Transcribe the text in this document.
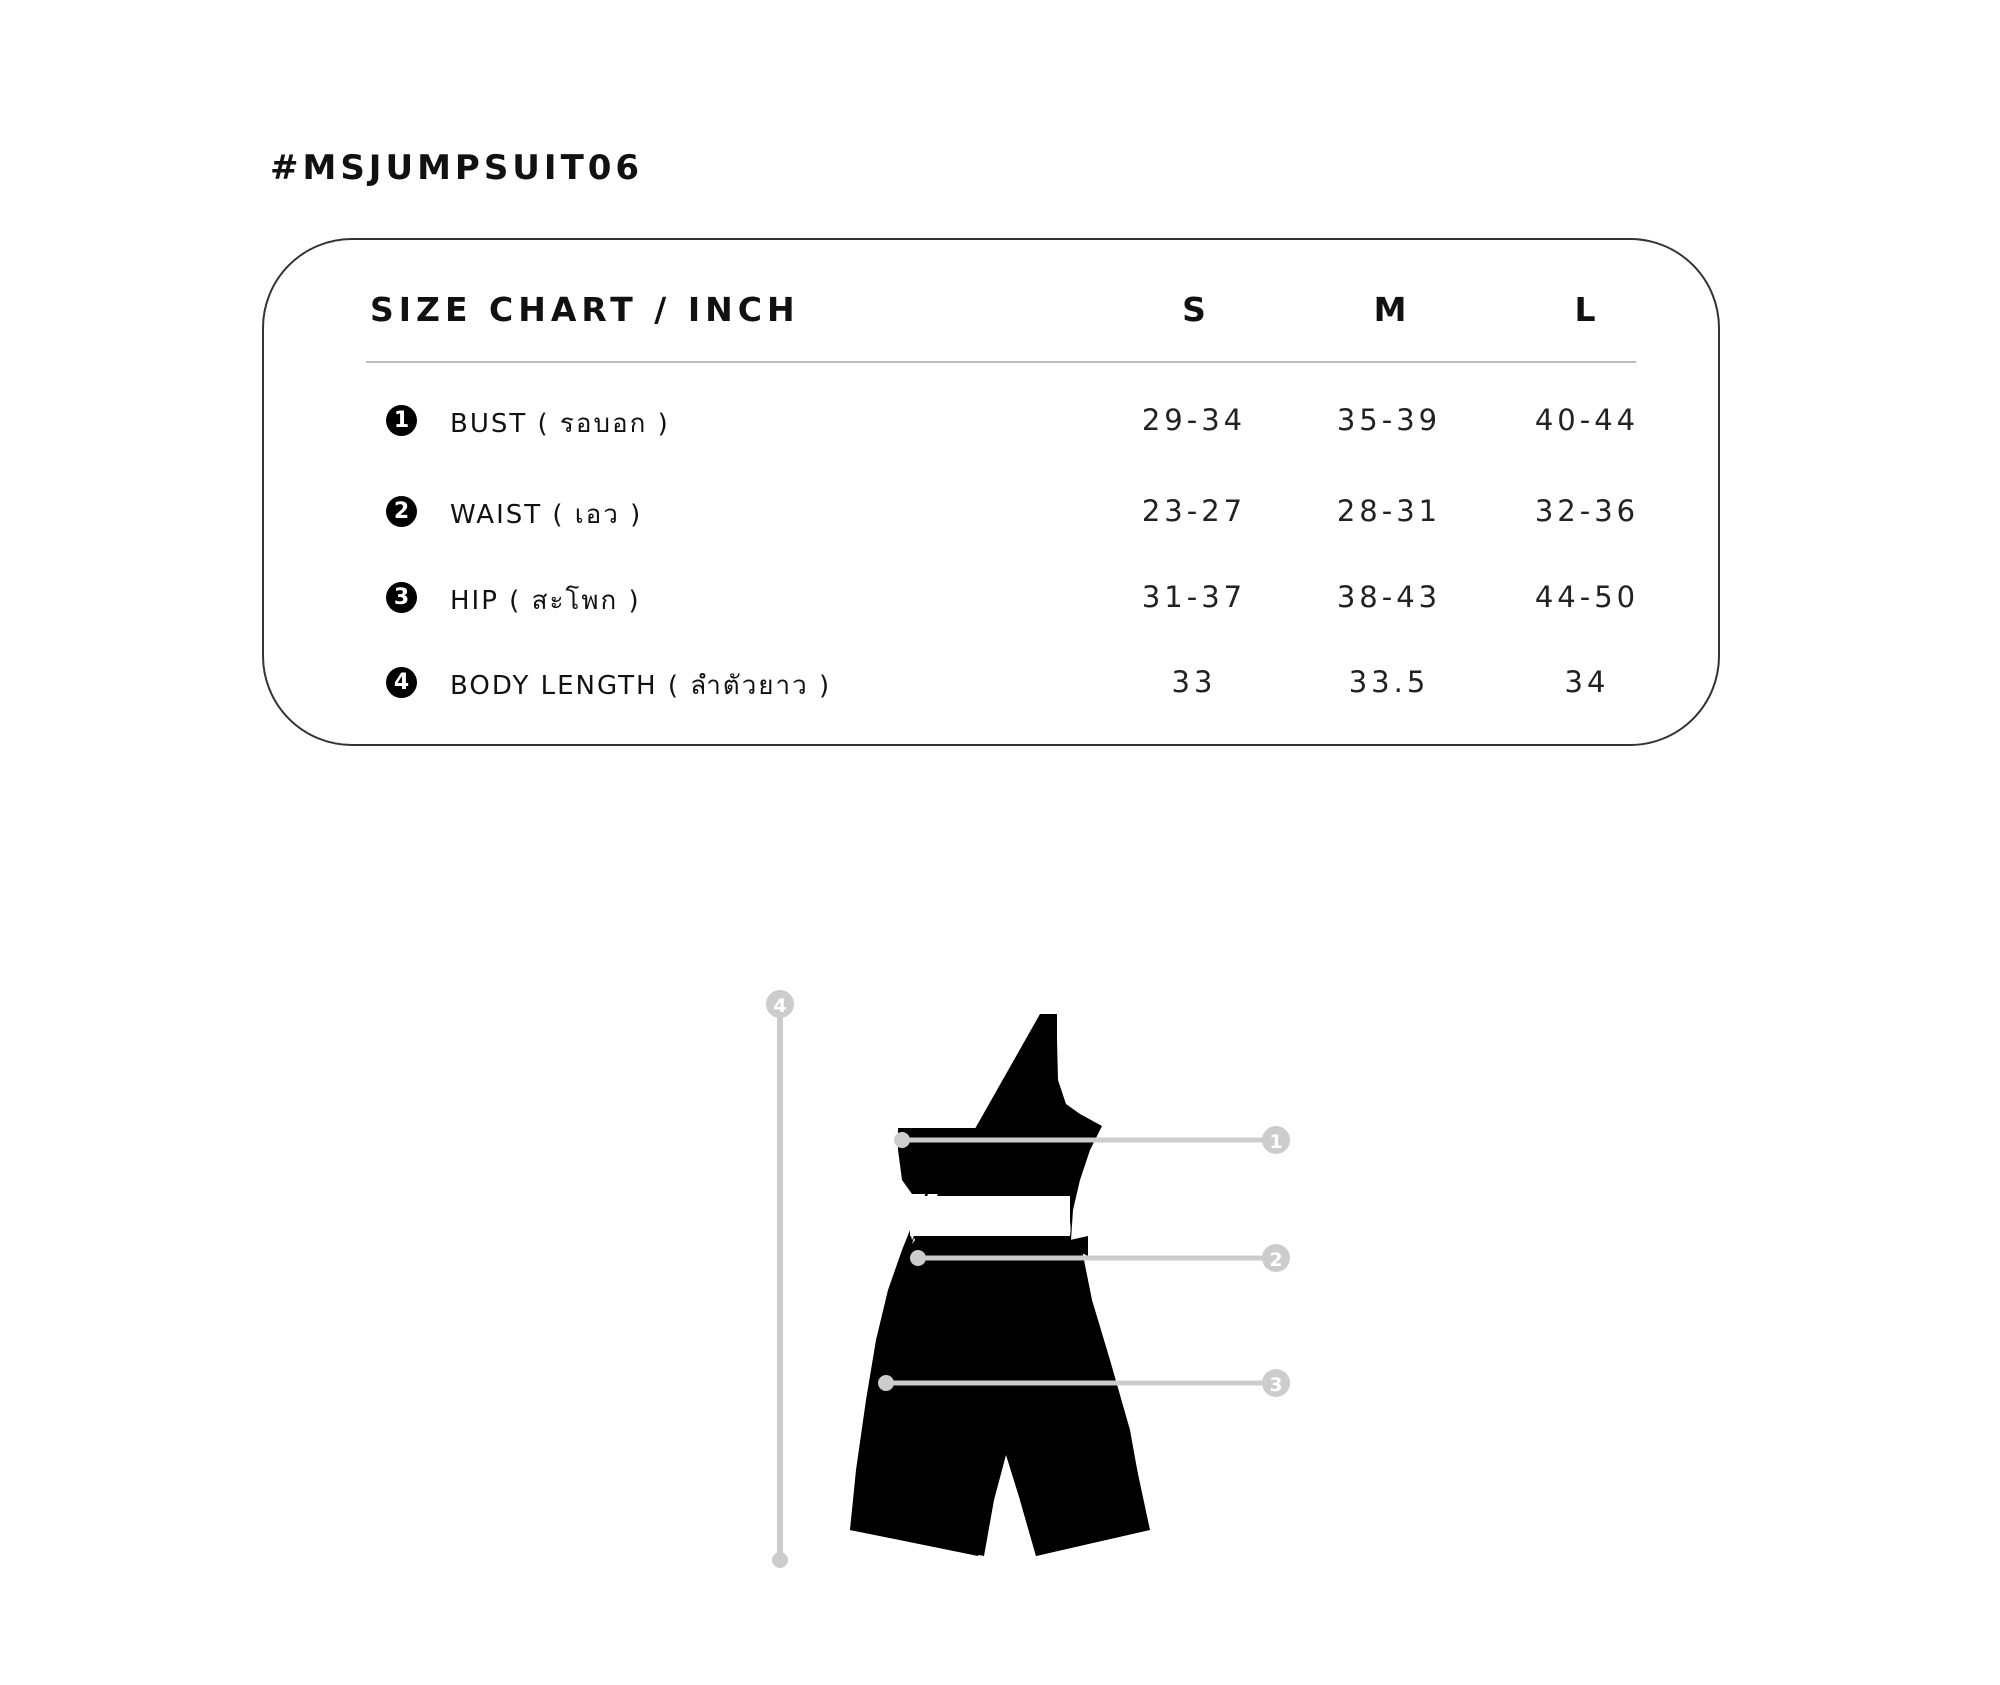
#MSJUMPSUIT06
SIZE CHART / INCH	S	M	L
1	BUST ( รอบอก )	29-34	35-39	40-44
2	WAIST ( เอว )	23-27	28-31	32-36
3	HIP ( สะโพก )	31-37	38-43	44-50
4	BODY LENGTH ( ลำตัวยาว )	33	33.5	34
4
1
2
3
